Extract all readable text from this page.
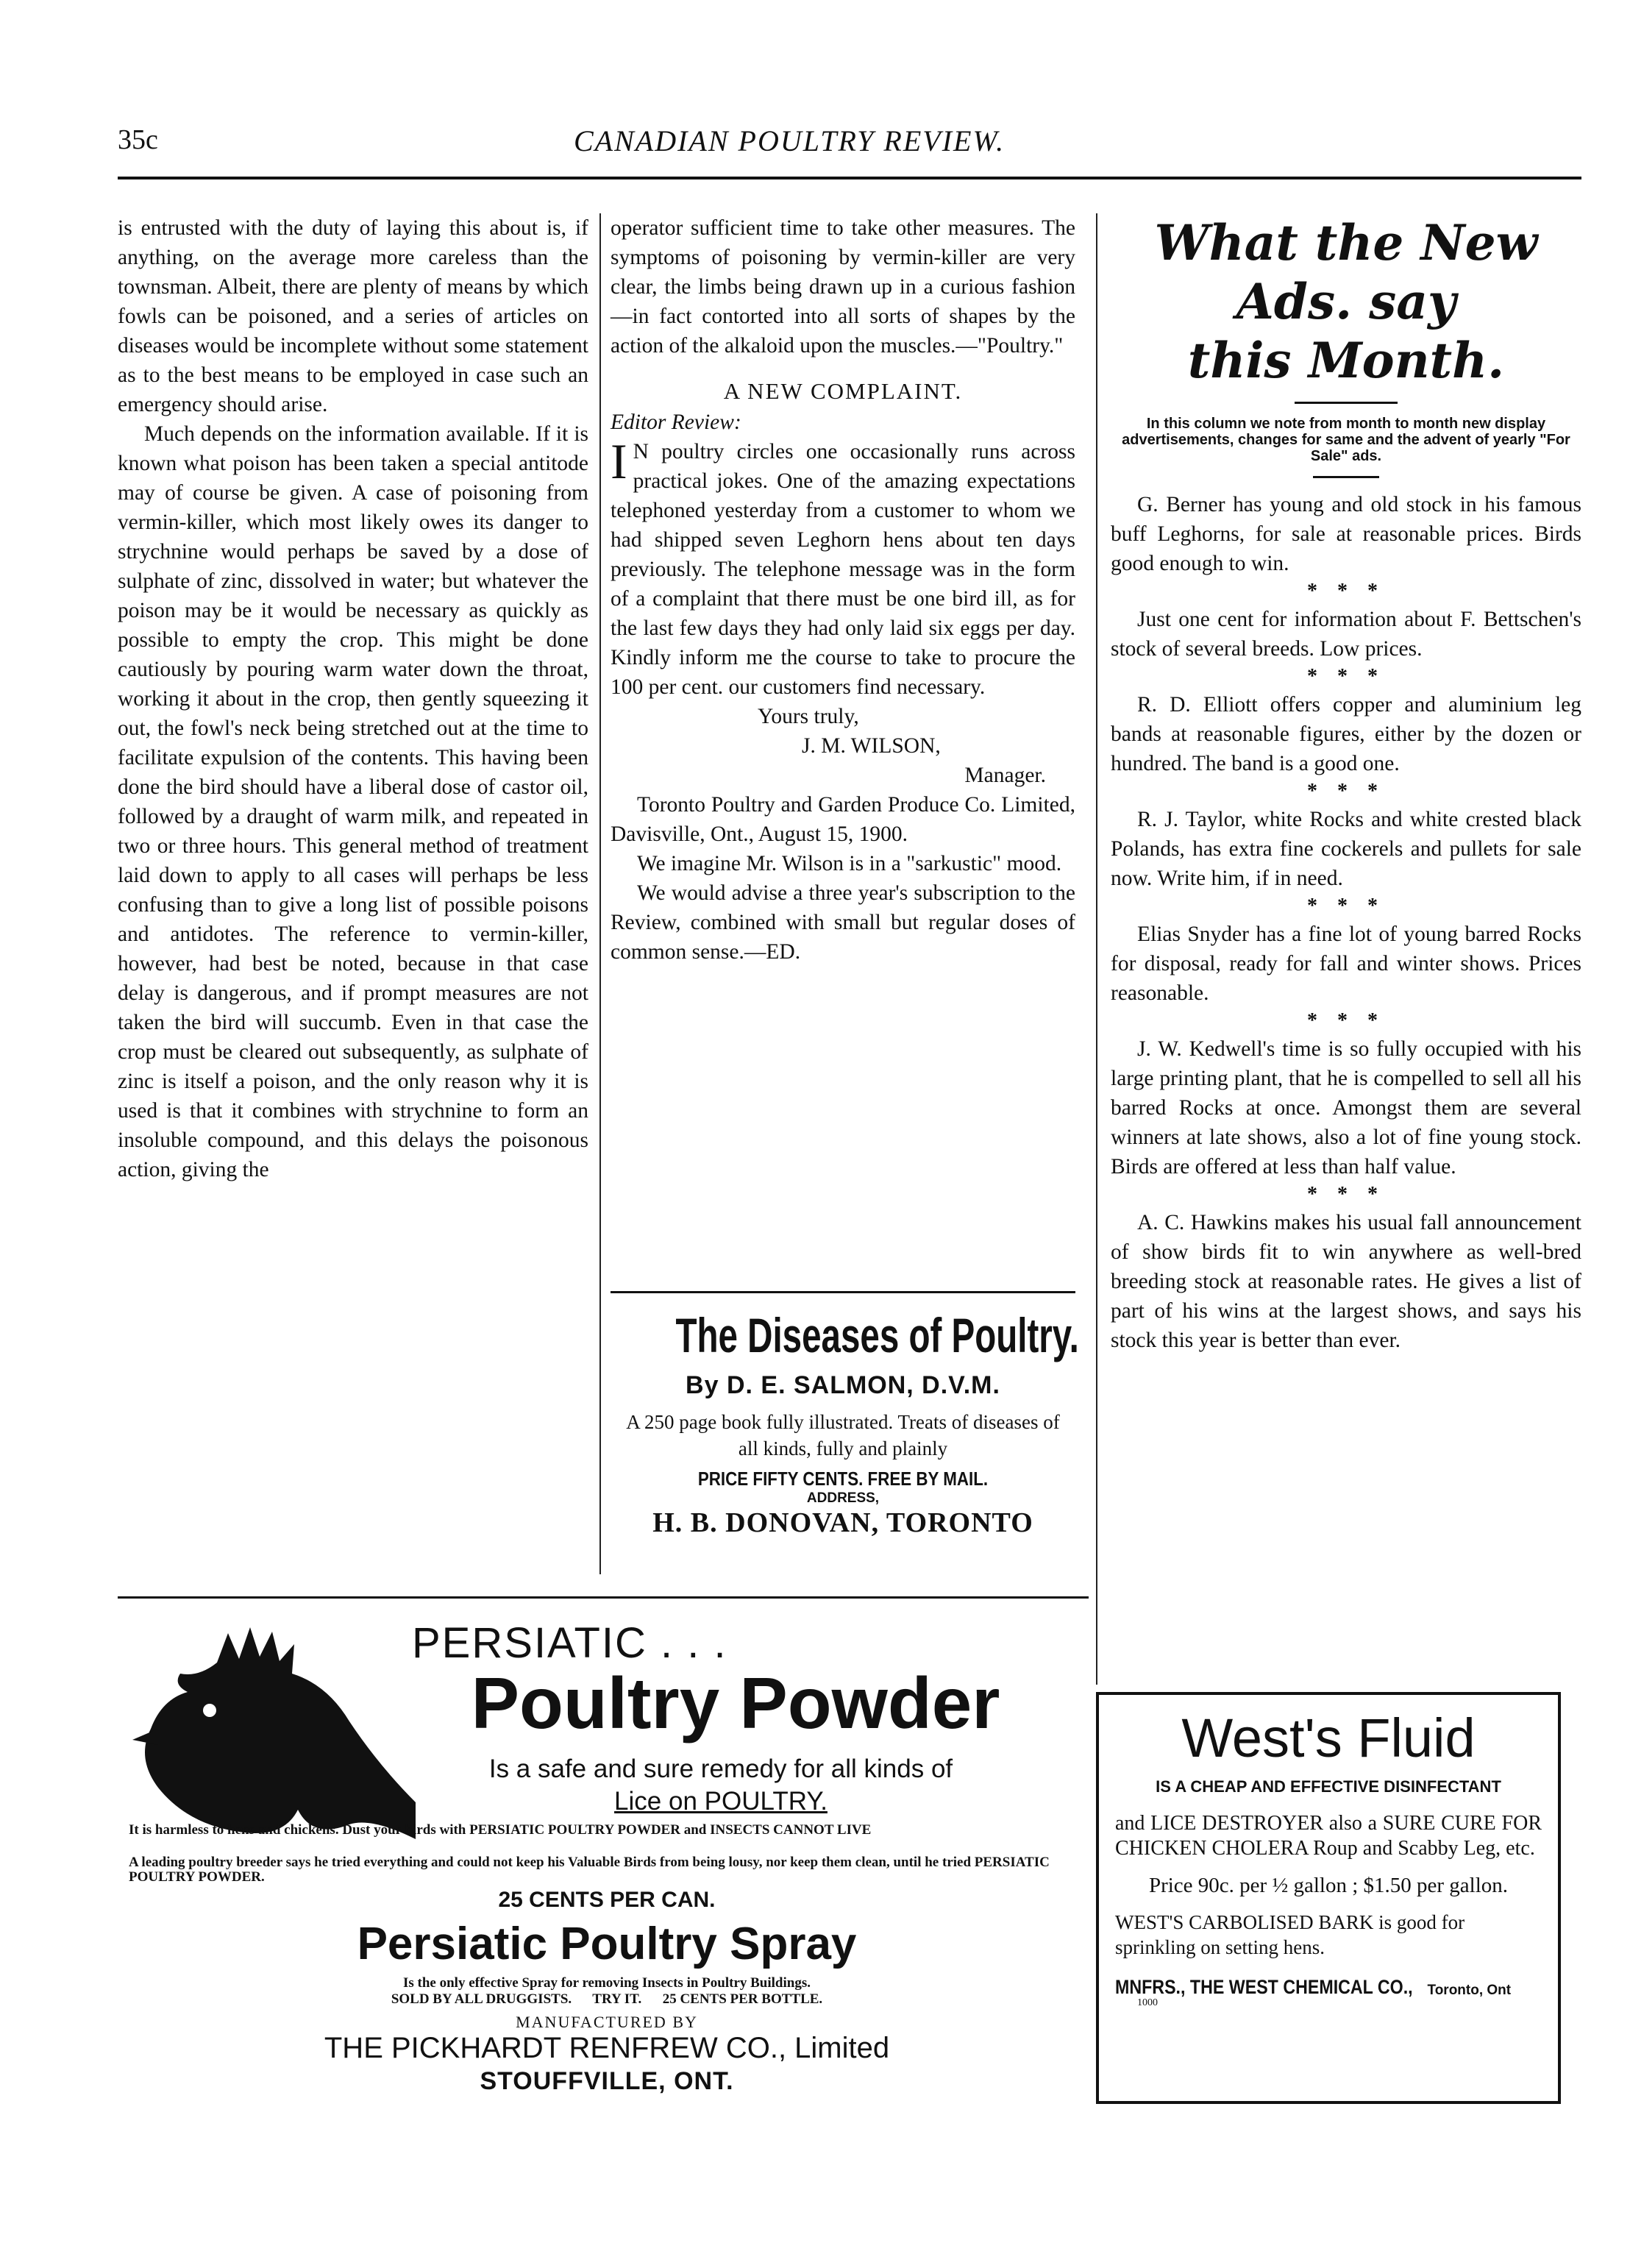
35c	CANADIAN POULTRY REVIEW.

is entrusted with the duty of laying this about is, if anything, on the average more careless than the townsman. Albeit, there are plenty of means by which fowls can be poisoned, and a series of articles on diseases would be incomplete without some statement as to the best means to be employed in case such an emergency should arise.

Much depends on the information available. If it is known what poison has been taken a special antitode may of course be given. A case of poisoning from vermin-killer, which most likely owes its danger to strychnine would perhaps be saved by a dose of sulphate of zinc, dissolved in water; but whatever the poison may be it would be necessary as quickly as possible to empty the crop. This might be done cautiously by pouring warm water down the throat, working it about in the crop, then gently squeezing it out, the fowl's neck being stretched out at the time to facilitate expulsion of the contents. This having been done the bird should have a liberal dose of castor oil, followed by a draught of warm milk, and repeated in two or three hours. This general method of treatment laid down to apply to all cases will perhaps be less confusing than to give a long list of possible poisons and antidotes. The reference to vermin-killer, however, had best be noted, because in that case delay is dangerous, and if prompt measures are not taken the bird will succumb. Even in that case the crop must be cleared out subsequently, as sulphate of zinc is itself a poison, and the only reason why it is used is that it combines with strychnine to form an insoluble compound, and this delays the poisonous action, giving the

operator sufficient time to take other measures. The symptoms of poisoning by vermin-killer are very clear, the limbs being drawn up in a curious fashion—in fact contorted into all sorts of shapes by the action of the alkaloid upon the muscles.—"Poultry."

A NEW COMPLAINT.
Editor Review:
I N poultry circles one occasionally runs across practical jokes. One of the amazing expectations telephoned yesterday from a customer to whom we had shipped seven Leghorn hens about ten days previously. The telephone message was in the form of a complaint that there must be one bird ill, as for the last few days they had only laid six eggs per day. Kindly inform me the course to take to procure the 100 per cent. our customers find necessary.
Yours truly,
J. M. WILSON,
Manager.

Toronto Poultry and Garden Produce Co. Limited, Davisville, Ont., August 15, 1900.

We imagine Mr. Wilson is in a "sarkustic" mood.

We would advise a three year's subscription to the Review, combined with small but regular doses of common sense.—ED.

The Diseases of Poultry.
By D. E. SALMON, D.V.M.
A 250 page book fully illustrated. Treats of diseases of all kinds, fully and plainly
PRICE FIFTY CENTS. FREE BY MAIL.
ADDRESS,
H. B. DONOVAN, TORONTO
What the New Ads. say
this Month.
In this column we note from month to month new display advertisements, changes for same and the advent of yearly "For Sale" ads.

G. Berner has young and old stock in his famous buff Leghorns, for sale at reasonable prices. Birds good enough to win.

* * *

Just one cent for information about F. Bettschen's stock of several breeds. Low prices.

* * *

R. D. Elliott offers copper and aluminium leg bands at reasonable figures, either by the dozen or hundred. The band is a good one.

* * *

R. J. Taylor, white Rocks and white crested black Polands, has extra fine cockerels and pullets for sale now. Write him, if in need.

* * *

Elias Snyder has a fine lot of young barred Rocks for disposal, ready for fall and winter shows. Prices reasonable.

* * *

J. W. Kedwell's time is so fully occupied with his large printing plant, that he is compelled to sell all his barred Rocks at once. Amongst them are several winners at late shows, also a lot of fine young stock. Birds are offered at less than half value.

* * *

A. C. Hawkins makes his usual fall announcement of show birds fit to win anywhere as well-bred breeding stock at reasonable rates. He gives a list of part of his wins at the largest shows, and says his stock this year is better than ever.

PERSIATIC . . .
Poultry Powder
Is a safe and sure remedy for all kinds of
Lice on POULTRY.
It is harmless to hens and chickens. Dust your birds with PERSIATIC POULTRY POWDER and INSECTS CANNOT LIVE
A leading poultry breeder says he tried everything and could not keep his Valuable Birds from being lousy, nor keep them clean, until he tried PERSIATIC POULTRY POWDER.
25 CENTS PER CAN.
Persiatic Poultry Spray
Is the only effective Spray for removing Insects in Poultry Buildings.
SOLD BY ALL DRUGGISTS.      TRY IT.      25 CENTS PER BOTTLE.
MANUFACTURED BY
THE PICKHARDT RENFREW CO., Limited
STOUFFVILLE, ONT.
West's Fluid
IS A CHEAP AND EFFECTIVE DISINFECTANT
and LICE DESTROYER also a SURE CURE FOR CHICKEN CHOLERA Roup and Scabby Leg, etc.
Price 90c. per ½ gallon ; $1.50 per gallon.
WEST'S CARBOLISED BARK is good for sprinkling on setting hens.
MNFRS., THE WEST CHEMICAL CO., Toronto, Ont
1000
